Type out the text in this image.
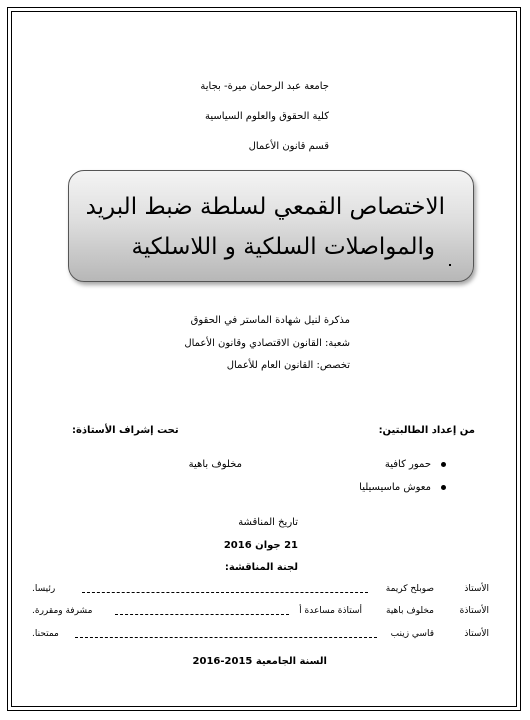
جامعة عبد الرحمان ميرة- بجاية
كلية الحقوق والعلوم السياسية
قسم قانون الأعمال
الاختصاص القمعي لسلطة ضبط البريد
والمواصلات السلكية و اللاسلكية
مذكرة لنيل شهادة الماستر في الحقوق
شعبة: القانون الاقتصادي وقانون الأعمال
تخصص: القانون العام للأعمال
من إعداد الطالبتين:
تحت إشراف الأستاذة:
حمور كافية
معوش ماسيسيليا
مخلوف باهية
تاريخ المناقشة
21 جوان 2016
لجنة المناقشة:
الأستاذ
صوبلح كريمة
رئيسا.
الأستاذة
مخلوف باهية
أستاذة مساعدة أ
مشرفة ومقررة.
الأستاذ
قاسي زينب
ممتحنا.
السنة الجامعية 2015-2016
